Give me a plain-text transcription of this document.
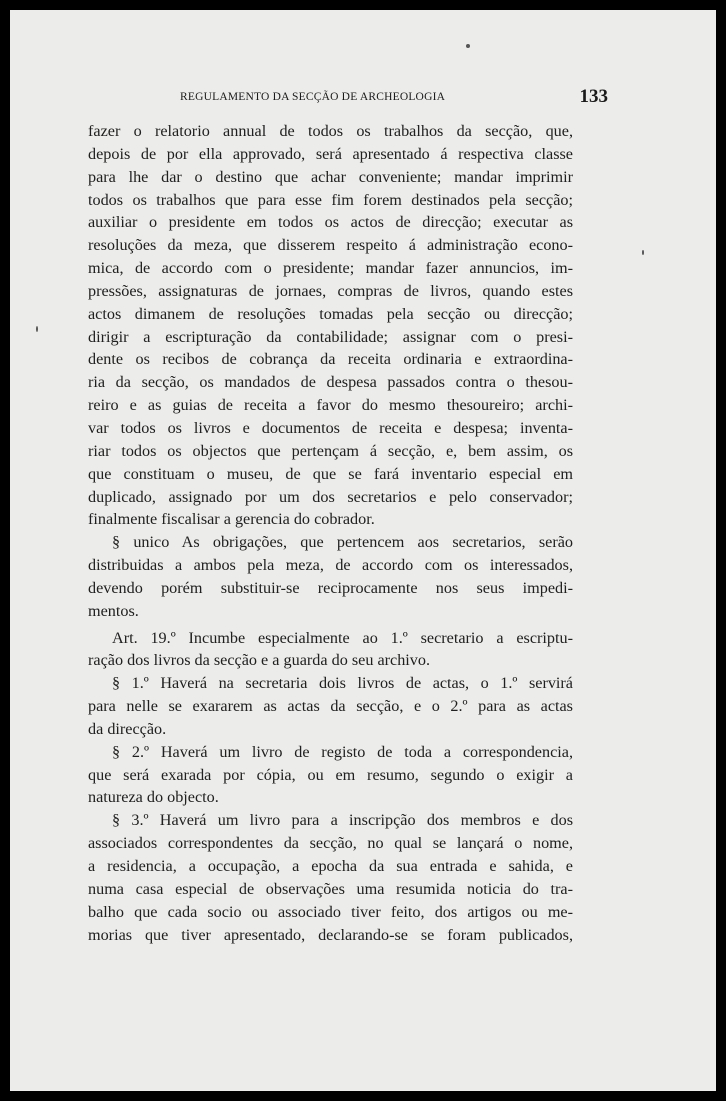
REGULAMENTO DA SECÇÃO DE ARCHEOLOGIA	133
fazer o relatorio annual de todos os trabalhos da secção, que,
depois de por ella approvado, será apresentado á respectiva classe
para lhe dar o destino que achar conveniente; mandar imprimir
todos os trabalhos que para esse fim forem destinados pela secção;
auxiliar o presidente em todos os actos de direcção; executar as
resoluções da meza, que disserem respeito á administração econo-
mica, de accordo com o presidente; mandar fazer annuncios, im-
pressões, assignaturas de jornaes, compras de livros, quando estes
actos dimanem de resoluções tomadas pela secção ou direcção;
dirigir a escripturação da contabilidade; assignar com o presi-
dente os recibos de cobrança da receita ordinaria e extraordina-
ria da secção, os mandados de despesa passados contra o thesou-
reiro e as guias de receita a favor do mesmo thesoureiro; archi-
var todos os livros e documentos de receita e despesa; inventa-
riar todos os objectos que pertençam á secção, e, bem assim, os
que constituam o museu, de que se fará inventario especial em
duplicado, assignado por um dos secretarios e pelo conservador;
finalmente fiscalisar a gerencia do cobrador.
§ unico As obrigações, que pertencem aos secretarios, serão
distribuidas a ambos pela meza, de accordo com os interessados,
devendo porém substituir-se reciprocamente nos seus impedi-
mentos.
Art. 19.º Incumbe especialmente ao 1.º secretario a escriptu-
ração dos livros da secção e a guarda do seu archivo.
§ 1.º Haverá na secretaria dois livros de actas, o 1.º servirá
para nelle se exararem as actas da secção, e o 2.º para as actas
da direcção.
§ 2.º Haverá um livro de registo de toda a correspondencia,
que será exarada por cópia, ou em resumo, segundo o exigir a
natureza do objecto.
§ 3.º Haverá um livro para a inscripção dos membros e dos
associados correspondentes da secção, no qual se lançará o nome,
a residencia, a occupação, a epocha da sua entrada e sahida, e
numa casa especial de observações uma resumida noticia do tra-
balho que cada socio ou associado tiver feito, dos artigos ou me-
morias que tiver apresentado, declarando-se se foram publicados,
